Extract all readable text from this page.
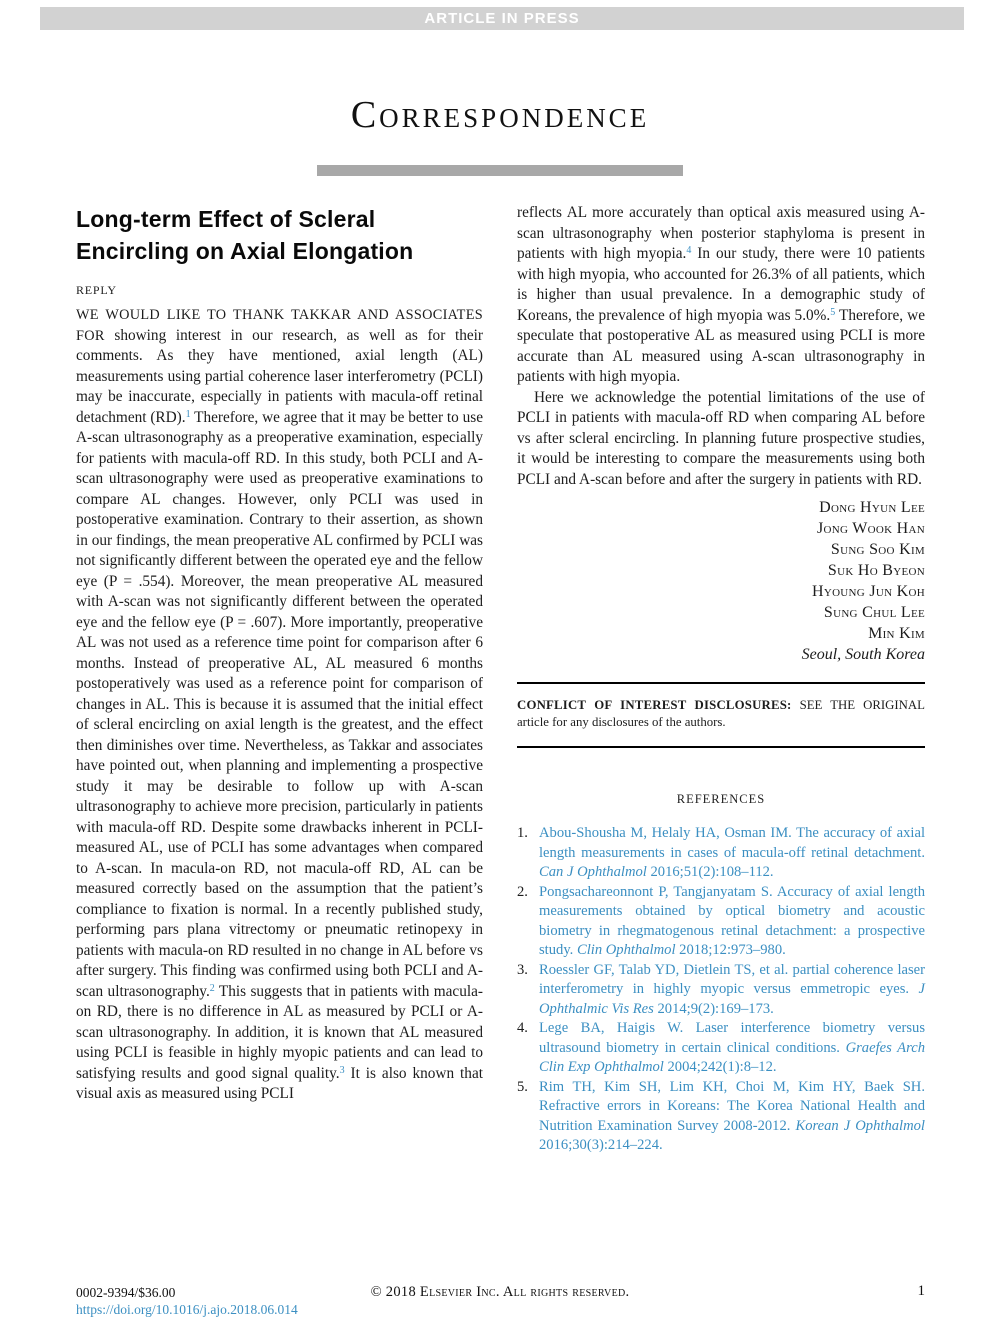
ARTICLE IN PRESS
Correspondence
Long-term Effect of Scleral
Encircling on Axial Elongation
REPLY

WE WOULD LIKE TO THANK TAKKAR AND ASSOCIATES FOR showing interest in our research, as well as for their comments. As they have mentioned, axial length (AL) measurements using partial coherence laser interferometry (PCLI) may be inaccurate, especially in patients with macula-off retinal detachment (RD).$^1$ Therefore, we agree that it may be better to use A-scan ultrasonography as a preoperative examination, especially for patients with macula-off RD. In this study, both PCLI and A-scan ultrasonography were used as preoperative examinations to compare AL changes. However, only PCLI was used in postoperative examination. Contrary to their assertion, as shown in our findings, the mean preoperative AL confirmed by PCLI was not significantly different between the operated eye and the fellow eye (P = .554). Moreover, the mean preoperative AL measured with A-scan was not significantly different between the operated eye and the fellow eye (P = .607). More importantly, preoperative AL was not used as a reference time point for comparison after 6 months. Instead of preoperative AL, AL measured 6 months postoperatively was used as a reference point for comparison of changes in AL. This is because it is assumed that the initial effect of scleral encircling on axial length is the greatest, and the effect then diminishes over time. Nevertheless, as Takkar and associates have pointed out, when planning and implementing a prospective study it may be desirable to follow up with A-scan ultrasonography to achieve more precision, particularly in patients with macula-off RD. Despite some drawbacks inherent in PCLI-measured AL, use of PCLI has some advantages when compared to A-scan. In macula-on RD, not macula-off RD, AL can be measured correctly based on the assumption that the patient’s compliance to fixation is normal. In a recently published study, performing pars plana vitrectomy or pneumatic retinopexy in patients with macula-on RD resulted in no change in AL before vs after surgery. This finding was confirmed using both PCLI and A-scan ultrasonography.$^2$ This suggests that in patients with macula-on RD, there is no difference in AL as measured by PCLI or A-scan ultrasonography. In addition, it is known that AL measured using PCLI is feasible in highly myopic patients and can lead to satisfying results and good signal quality.$^3$ It is also known that visual axis as measured using PCLI

reflects AL more accurately than optical axis measured using A-scan ultrasonography when posterior staphyloma is present in patients with high myopia.$^4$ In our study, there were 10 patients with high myopia, who accounted for 26.3% of all patients, which is higher than usual prevalence. In a demographic study of Koreans, the prevalence of high myopia was 5.0%.$^5$ Therefore, we speculate that postoperative AL as measured using PCLI is more accurate than AL measured using A-scan ultrasonography in patients with high myopia.

Here we acknowledge the potential limitations of the use of PCLI in patients with macula-off RD when comparing AL before vs after scleral encircling. In planning future prospective studies, it would be interesting to compare the measurements using both PCLI and A-scan before and after the surgery in patients with RD.

Dong Hyun Lee
Jong Wook Han
Sung Soo Kim
Suk Ho Byeon
Hyoung Jun Koh
Sung Chul Lee
Min Kim
Seoul, South Korea

CONFLICT OF INTEREST DISCLOSURES: SEE THE ORIGINAL article for any disclosures of the authors.

REFERENCES
1. Abou-Shousha M, Helaly HA, Osman IM. The accuracy of axial length measurements in cases of macula-off retinal detachment. Can J Ophthalmol 2016;51(2):108–112.
2. Pongsachareonnont P, Tangjanyatam S. Accuracy of axial length measurements obtained by optical biometry and acoustic biometry in rhegmatogenous retinal detachment: a prospective study. Clin Ophthalmol 2018;12:973–980.
3. Roessler GF, Talab YD, Dietlein TS, et al. partial coherence laser interferometry in highly myopic versus emmetropic eyes. J Ophthalmic Vis Res 2014;9(2):169–173.
4. Lege BA, Haigis W. Laser interference biometry versus ultrasound biometry in certain clinical conditions. Graefes Arch Clin Exp Ophthalmol 2004;242(1):8–12.
5. Rim TH, Kim SH, Lim KH, Choi M, Kim HY, Baek SH. Refractive errors in Koreans: The Korea National Health and Nutrition Examination Survey 2008-2012. Korean J Ophthalmol 2016;30(3):214–224.
0002-9394/$36.00
https://doi.org/10.1016/j.ajo.2018.06.014
© 2018 Elsevier Inc. All rights reserved.	1
